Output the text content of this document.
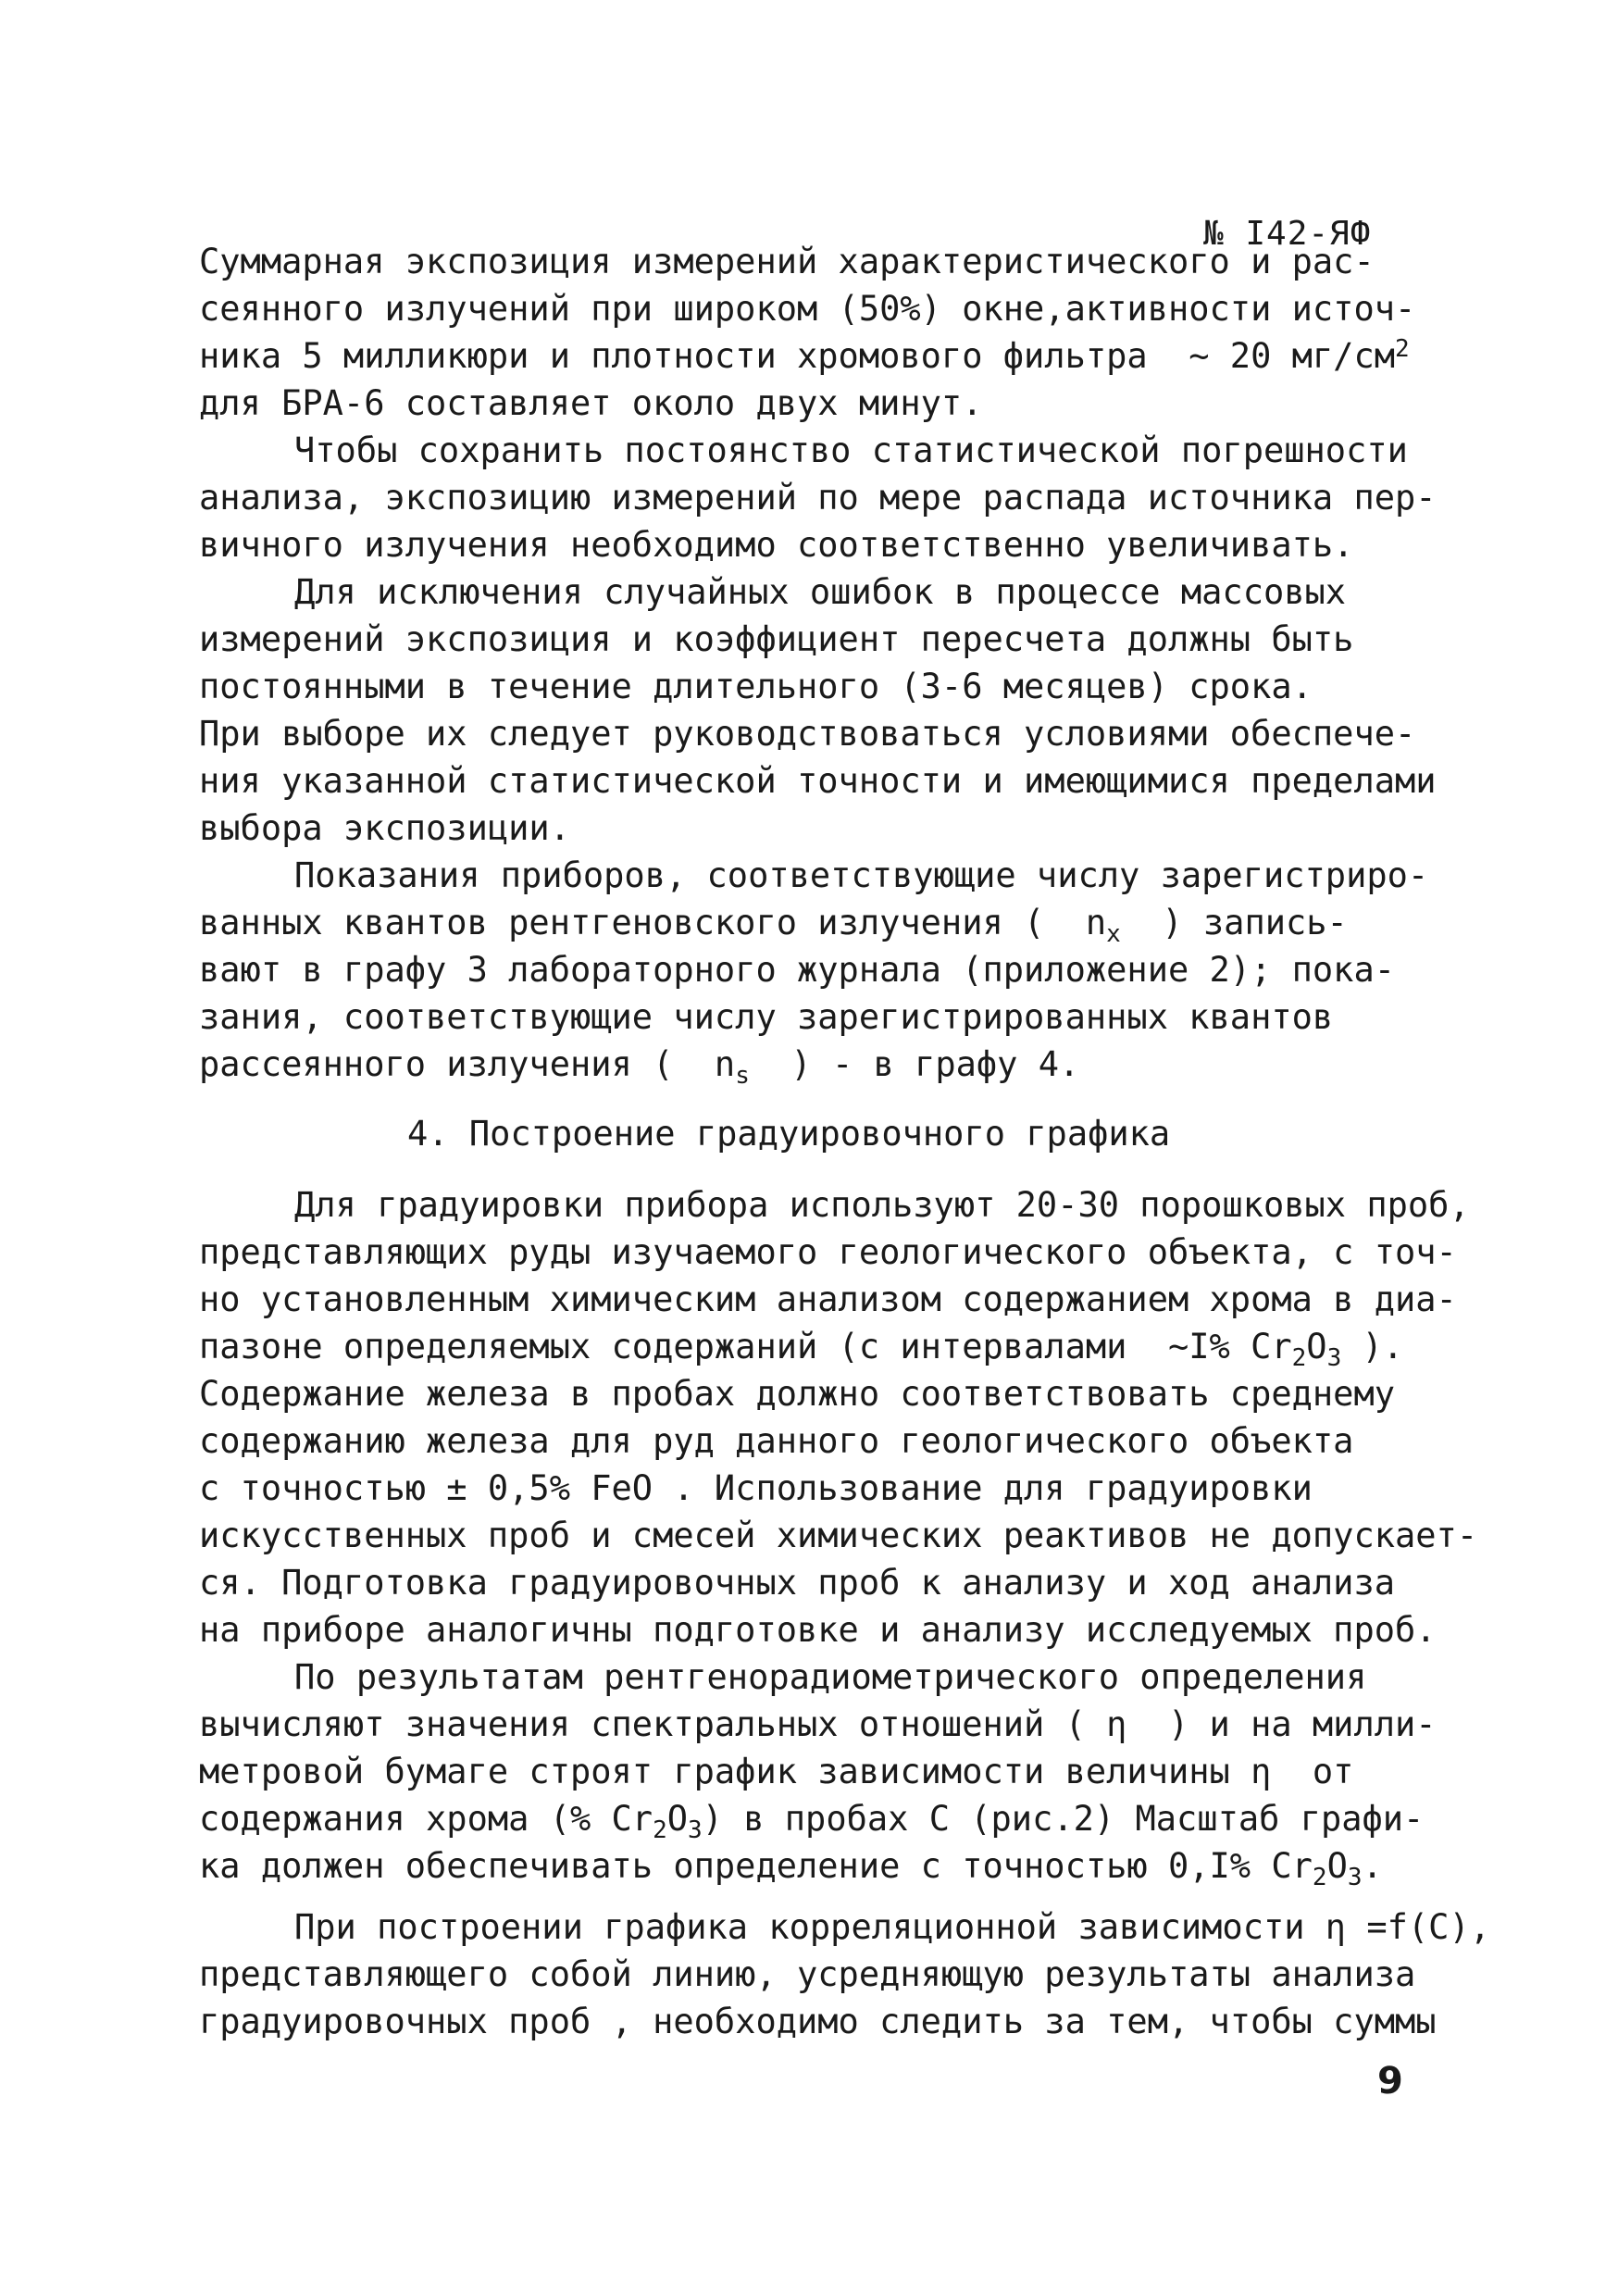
№ I42-ЯФ
Суммарная экспозиция измерений характеристического и рас-
сеянного излучений при широком (50%) окне,активности источ-
ника 5 милликюри и плотности хромового фильтра  ~ 20 $мг/см^2$
для БРА-6 составляет около двух минут.
Чтобы сохранить постоянство статистической погрешности
анализа, экспозицию измерений по мере распада источника пер-
вичного излучения необходимо соответственно увеличивать.
Для исключения случайных ошибок в процессе массовых
измерений экспозиция и коэффициент пересчета должны быть
постоянными в течение длительного (3-6 месяцев) срока.
При выборе их следует руководствоваться условиями обеспече-
ния указанной статистической точности и имеющимися пределами
выбора экспозиции.
Показания приборов, соответствующие числу зарегистриро-
ванных квантов рентгеновского излучения (  $n_x$  ) запись-
вают в графу 3 лабораторного журнала (приложение 2); пока-
зания, соответствующие числу зарегистрированных квантов
рассеянного излучения (  $n_s$  ) - в графу 4.
4. Построение градуировочного графика
Для градуировки прибора используют 20-30 порошковых проб,
представляющих руды изучаемого геологического объекта, с точ-
но установленным химическим анализом содержанием хрома в диа-
пазоне определяемых содержаний (с интервалами  ~I% $Cr_2O_3$ ).
Содержание железа в пробах должно соответствовать среднему
содержанию железа для руд данного геологического объекта
с точностью ± 0,5% FeO . Использование для градуировки
искусственных проб и смесей химических реактивов не допускает-
ся. Подготовка градуировочных проб к анализу и ход анализа
на приборе аналогичны подготовке и анализу исследуемых проб.
По результатам рентгенорадиометрического определения
вычисляют значения спектральных отношений ( η  ) и на милли-
метровой бумаге строят график зависимости величины η  от
содержания хрома (% $Cr_2O_3$) в пробах С (рис.2) Масштаб графи-
ка должен обеспечивать определение с точностью 0,I% $Cr_2O_3$.
При построении графика корреляционной зависимости η =f(C),
представляющего собой линию, усредняющую результаты анализа
градуировочных проб , необходимо следить за тем, чтобы суммы
9
